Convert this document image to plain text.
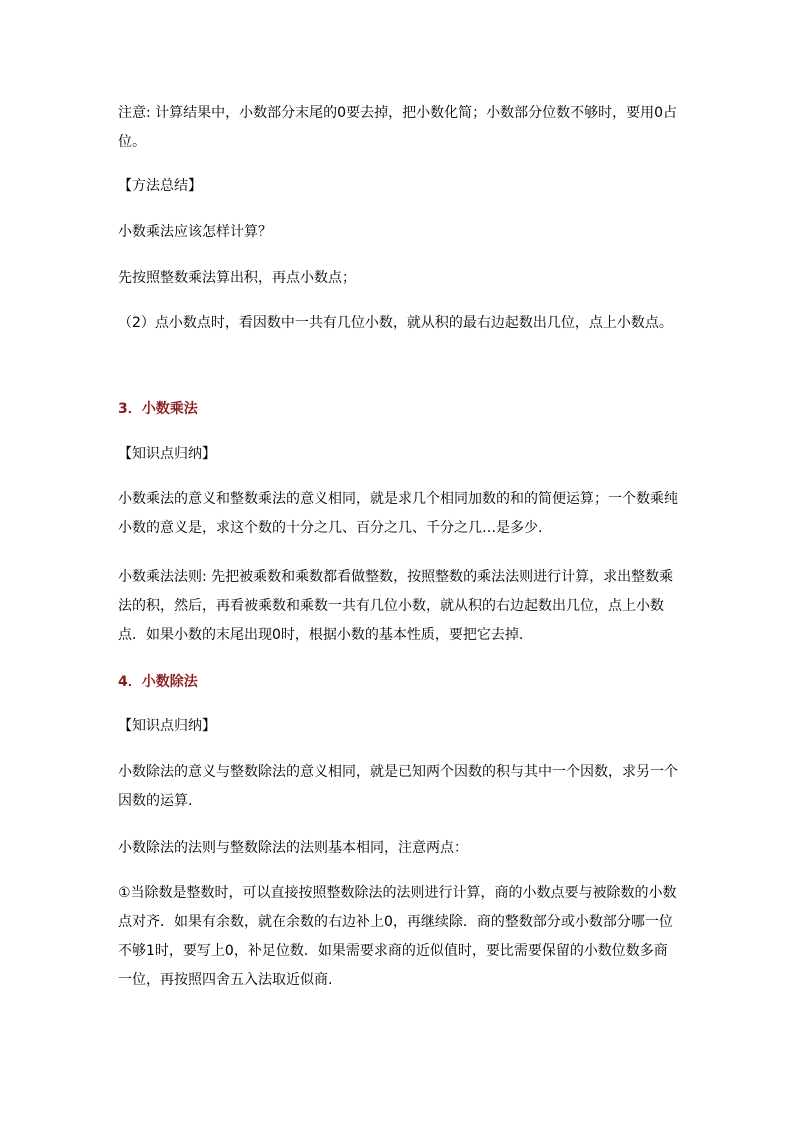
注意: 计算结果中，小数部分末尾的0要去掉，把小数化简；小数部分位数不够时，要用0占位。

【方法总结】

小数乘法应该怎样计算？

先按照整数乘法算出积，再点小数点；

（2）点小数点时，看因数中一共有几位小数，就从积的最右边起数出几位，点上小数点。

3．小数乘法

【知识点归纳】

小数乘法的意义和整数乘法的意义相同，就是求几个相同加数的和的简便运算；一个数乘纯小数的意义是，求这个数的十分之几、百分之几、千分之几…是多少.

小数乘法法则: 先把被乘数和乘数都看做整数，按照整数的乘法法则进行计算，求出整数乘法的积，然后，再看被乘数和乘数一共有几位小数，就从积的右边起数出几位，点上小数点．如果小数的末尾出现0时，根据小数的基本性质，要把它去掉.

4．小数除法

【知识点归纳】

小数除法的意义与整数除法的意义相同，就是已知两个因数的积与其中一个因数，求另一个因数的运算.

小数除法的法则与整数除法的法则基本相同，注意两点：

①当除数是整数时，可以直接按照整数除法的法则进行计算，商的小数点要与被除数的小数点对齐．如果有余数，就在余数的右边补上0，再继续除．商的整数部分或小数部分哪一位不够1时，要写上0，补足位数．如果需要求商的近似值时，要比需要保留的小数位数多商一位，再按照四舍五入法取近似商.
